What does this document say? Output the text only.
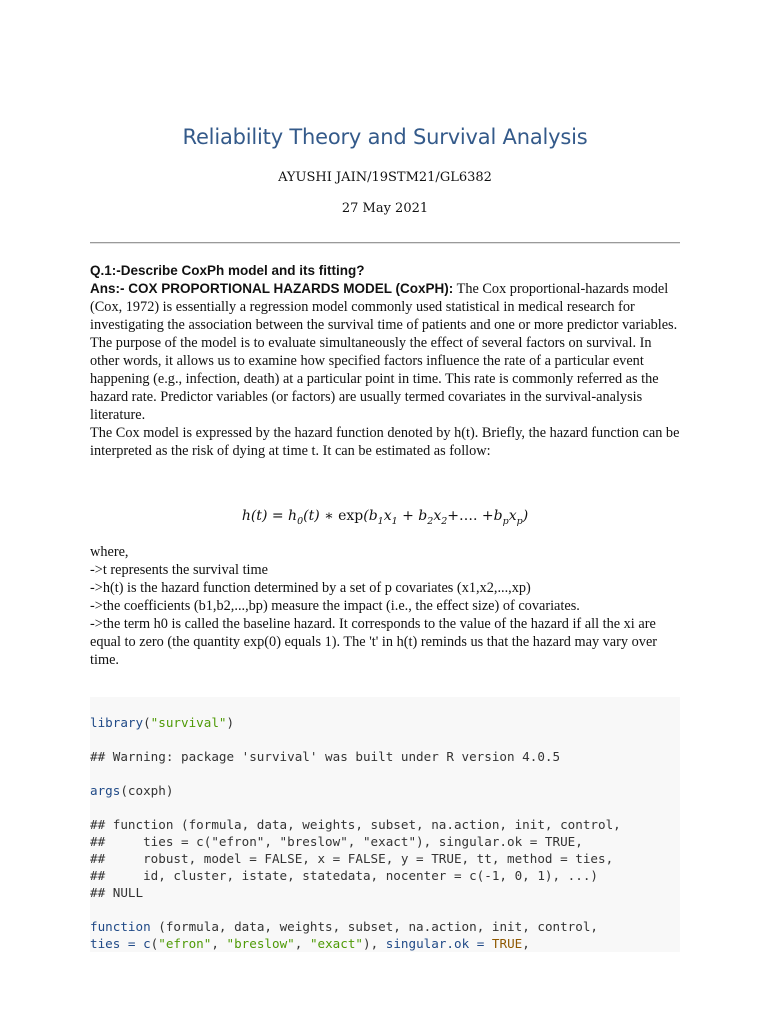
Reliability Theory and Survival Analysis
AYUSHI JAIN/19STM21/GL6382
27 May 2021

Q.1:-Describe CoxPh model and its fitting?
Ans:- COX PROPORTIONAL HAZARDS MODEL (CoxPH): The Cox proportional-hazards model (Cox, 1972) is essentially a regression model commonly used statistical in medical research for investigating the association between the survival time of patients and one or more predictor variables.

The purpose of the model is to evaluate simultaneously the effect of several factors on survival. In other words, it allows us to examine how specified factors influence the rate of a particular event happening (e.g., infection, death) at a particular point in time. This rate is commonly referred as the hazard rate. Predictor variables (or factors) are usually termed covariates in the survival-analysis literature.

The Cox model is expressed by the hazard function denoted by h(t). Briefly, the hazard function can be interpreted as the risk of dying at time t. It can be estimated as follow:

$h(t) = h_0(t)$ ∗ $\exp(b_1x_1$ + $b_2x_2+\dots$. $+b_px_p$)

where,

->t represents the survival time

->h(t) is the hazard function determined by a set of p covariates (x1,x2,...,xp)

->the coefficients (b1,b2,...,bp) measure the impact (i.e., the effect size) of covariates.

->the term h0 is called the baseline hazard. It corresponds to the value of the hazard if all the xi are equal to zero (the quantity exp(0) equals 1). The 't' in h(t) reminds us that the hazard may vary over time.

library("survival")

## Warning: package 'survival' was built under R version 4.0.5

args(coxph)

## function (formula, data, weights, subset, na.action, init, control,
##     ties = c("efron", "breslow", "exact"), singular.ok = TRUE,
##     robust, model = FALSE, x = FALSE, y = TRUE, tt, method = ties,
##     id, cluster, istate, statedata, nocenter = c(-1, 0, 1), ...)
## NULL

function (formula, data, weights, subset, na.action, init, control,
ties = c("efron", "breslow", "exact"), singular.ok = TRUE,
